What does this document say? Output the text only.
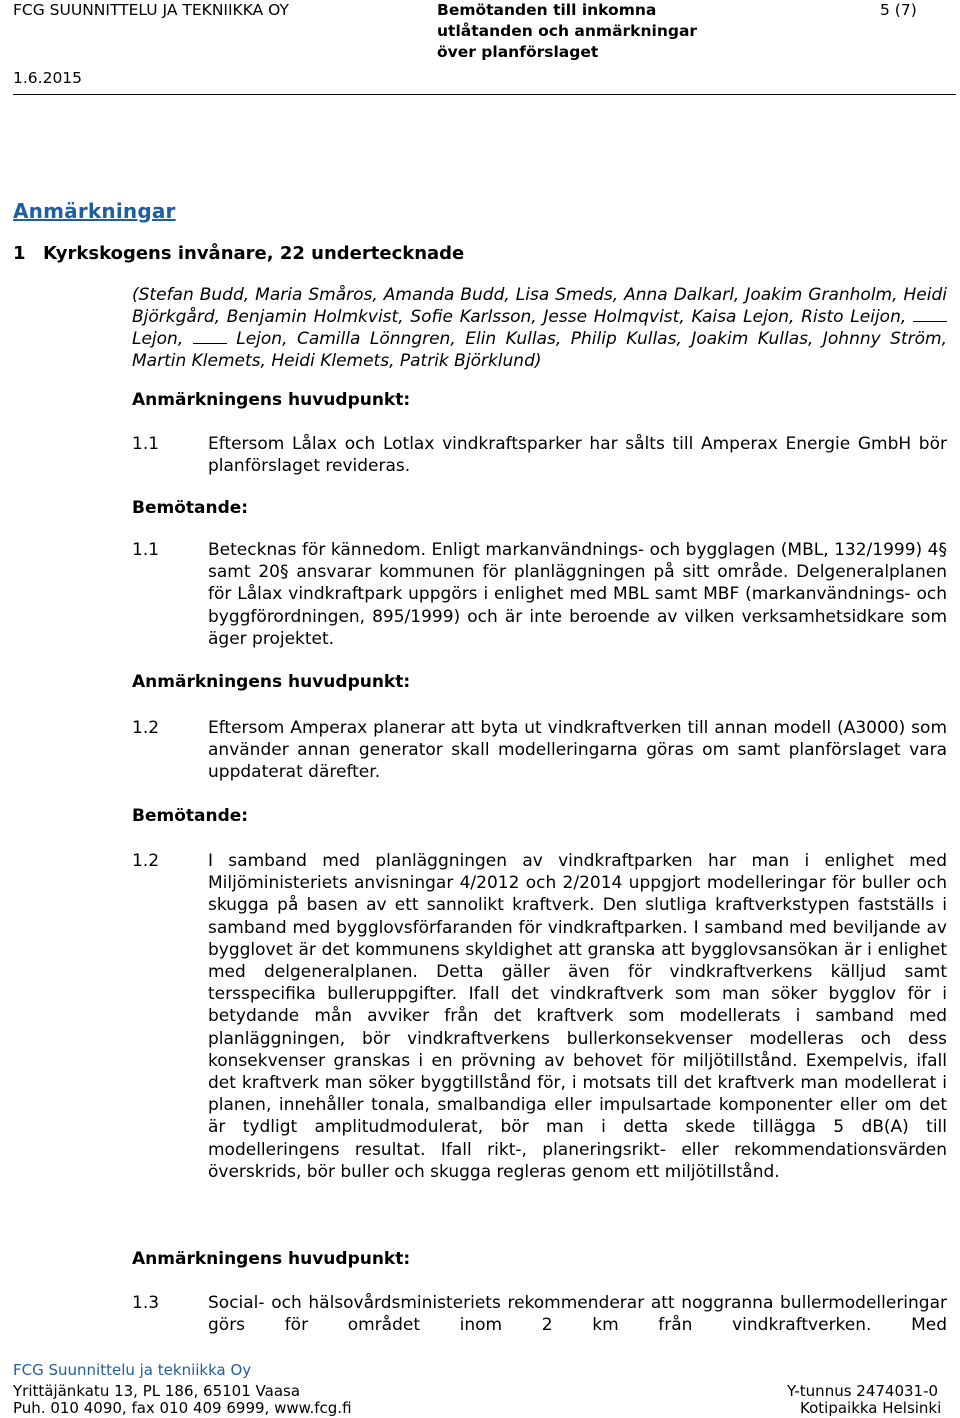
FCG SUUNNITTELU JA TEKNIIKKA OY	Bemötanden till inkomna
utlåtanden och anmärkningar
över planförslaget
5 (7)
1.6.2015
Anmärkningar
1 Kyrkskogens invånare, 22 undertecknade
(Stefan Budd, Maria Småros, Amanda Budd, Lisa Smeds, Anna Dalkarl, Joakim Granholm, Heidi Björkgård, Benjamin Holmkvist, Sofie Karlsson, Jesse Holmqvist, Kaisa Lejon, Risto Leijon,  Lejon,	Lejon, Camilla Lönngren, Elin Kullas, Philip Kullas, Joakim Kullas, Johnny Ström, Martin Klemets, Heidi Klemets, Patrik Björklund)
Anmärkningens huvudpunkt:
1.1	Eftersom Lålax och Lotlax vindkraftsparker har sålts till Amperax Energie GmbH bör planförslaget revideras.
Bemötande:
1.1	Betecknas för kännedom. Enligt markanvändnings- och bygglagen (MBL, 132/1999) 4§ samt 20§ ansvarar kommunen för planläggningen på sitt område. Delgeneralplanen för Lålax vindkraftpark uppgörs i enlighet med MBL samt MBF (markanvändnings- och byggförordningen, 895/1999) och är inte beroende av vilken verksamhetsidkare som äger projektet.
Anmärkningens huvudpunkt:
1.2	Eftersom Amperax planerar att byta ut vindkraftverken till annan modell (A3000) som använder annan generator skall modelleringarna göras om samt planförslaget vara uppdaterat därefter.
Bemötande:
1.2	I samband med planläggningen av vindkraftparken har man i enlighet med Miljöministeriets anvisningar 4/2012 och 2/2014 uppgjort modelleringar för buller och skugga på basen av ett sannolikt kraftverk. Den slutliga kraftverkstypen fastställs i samband med bygglovsförfaranden för vindkraftparken. I samband med beviljande av bygglovet är det kommunens skyldighet att granska att bygglovsansökan är i enlighet med delgeneralplanen. Detta gäller även för vindkraftverkens källjud samt tersspecifika bulleruppgifter. Ifall det vindkraftverk som man söker bygglov för i betydande mån avviker från det kraftverk som modellerats i samband med planläggningen, bör vindkraftverkens bullerkonsekvenser modelleras och dess konsekvenser granskas i en prövning av behovet för miljötillstånd. Exempelvis, ifall det kraftverk man söker byggtillstånd för, i motsats till det kraftverk man modellerat i planen, innehåller tonala, smalbandiga eller impulsartade komponenter eller om det är tydligt amplitudmodulerat, bör man i detta skede tillägga 5 dB(A) till modelleringens resultat. Ifall rikt-, planeringsrikt- eller rekommendationsvärden överskrids, bör buller och skugga regleras genom ett miljötillstånd.
Anmärkningens huvudpunkt:
1.3	Social- och hälsovårdsministeriets rekommenderar att noggranna bullermodelleringar görs för området inom 2 km från vindkraftverken. Med
FCG Suunnittelu ja tekniikka Oy
Yrittäjänkatu 13, PL 186, 65101 Vaasa
Puh. 010 4090, fax 010 409 6999, www.fcg.fi
Y-tunnus 2474031-0
Kotipaikka Helsinki
